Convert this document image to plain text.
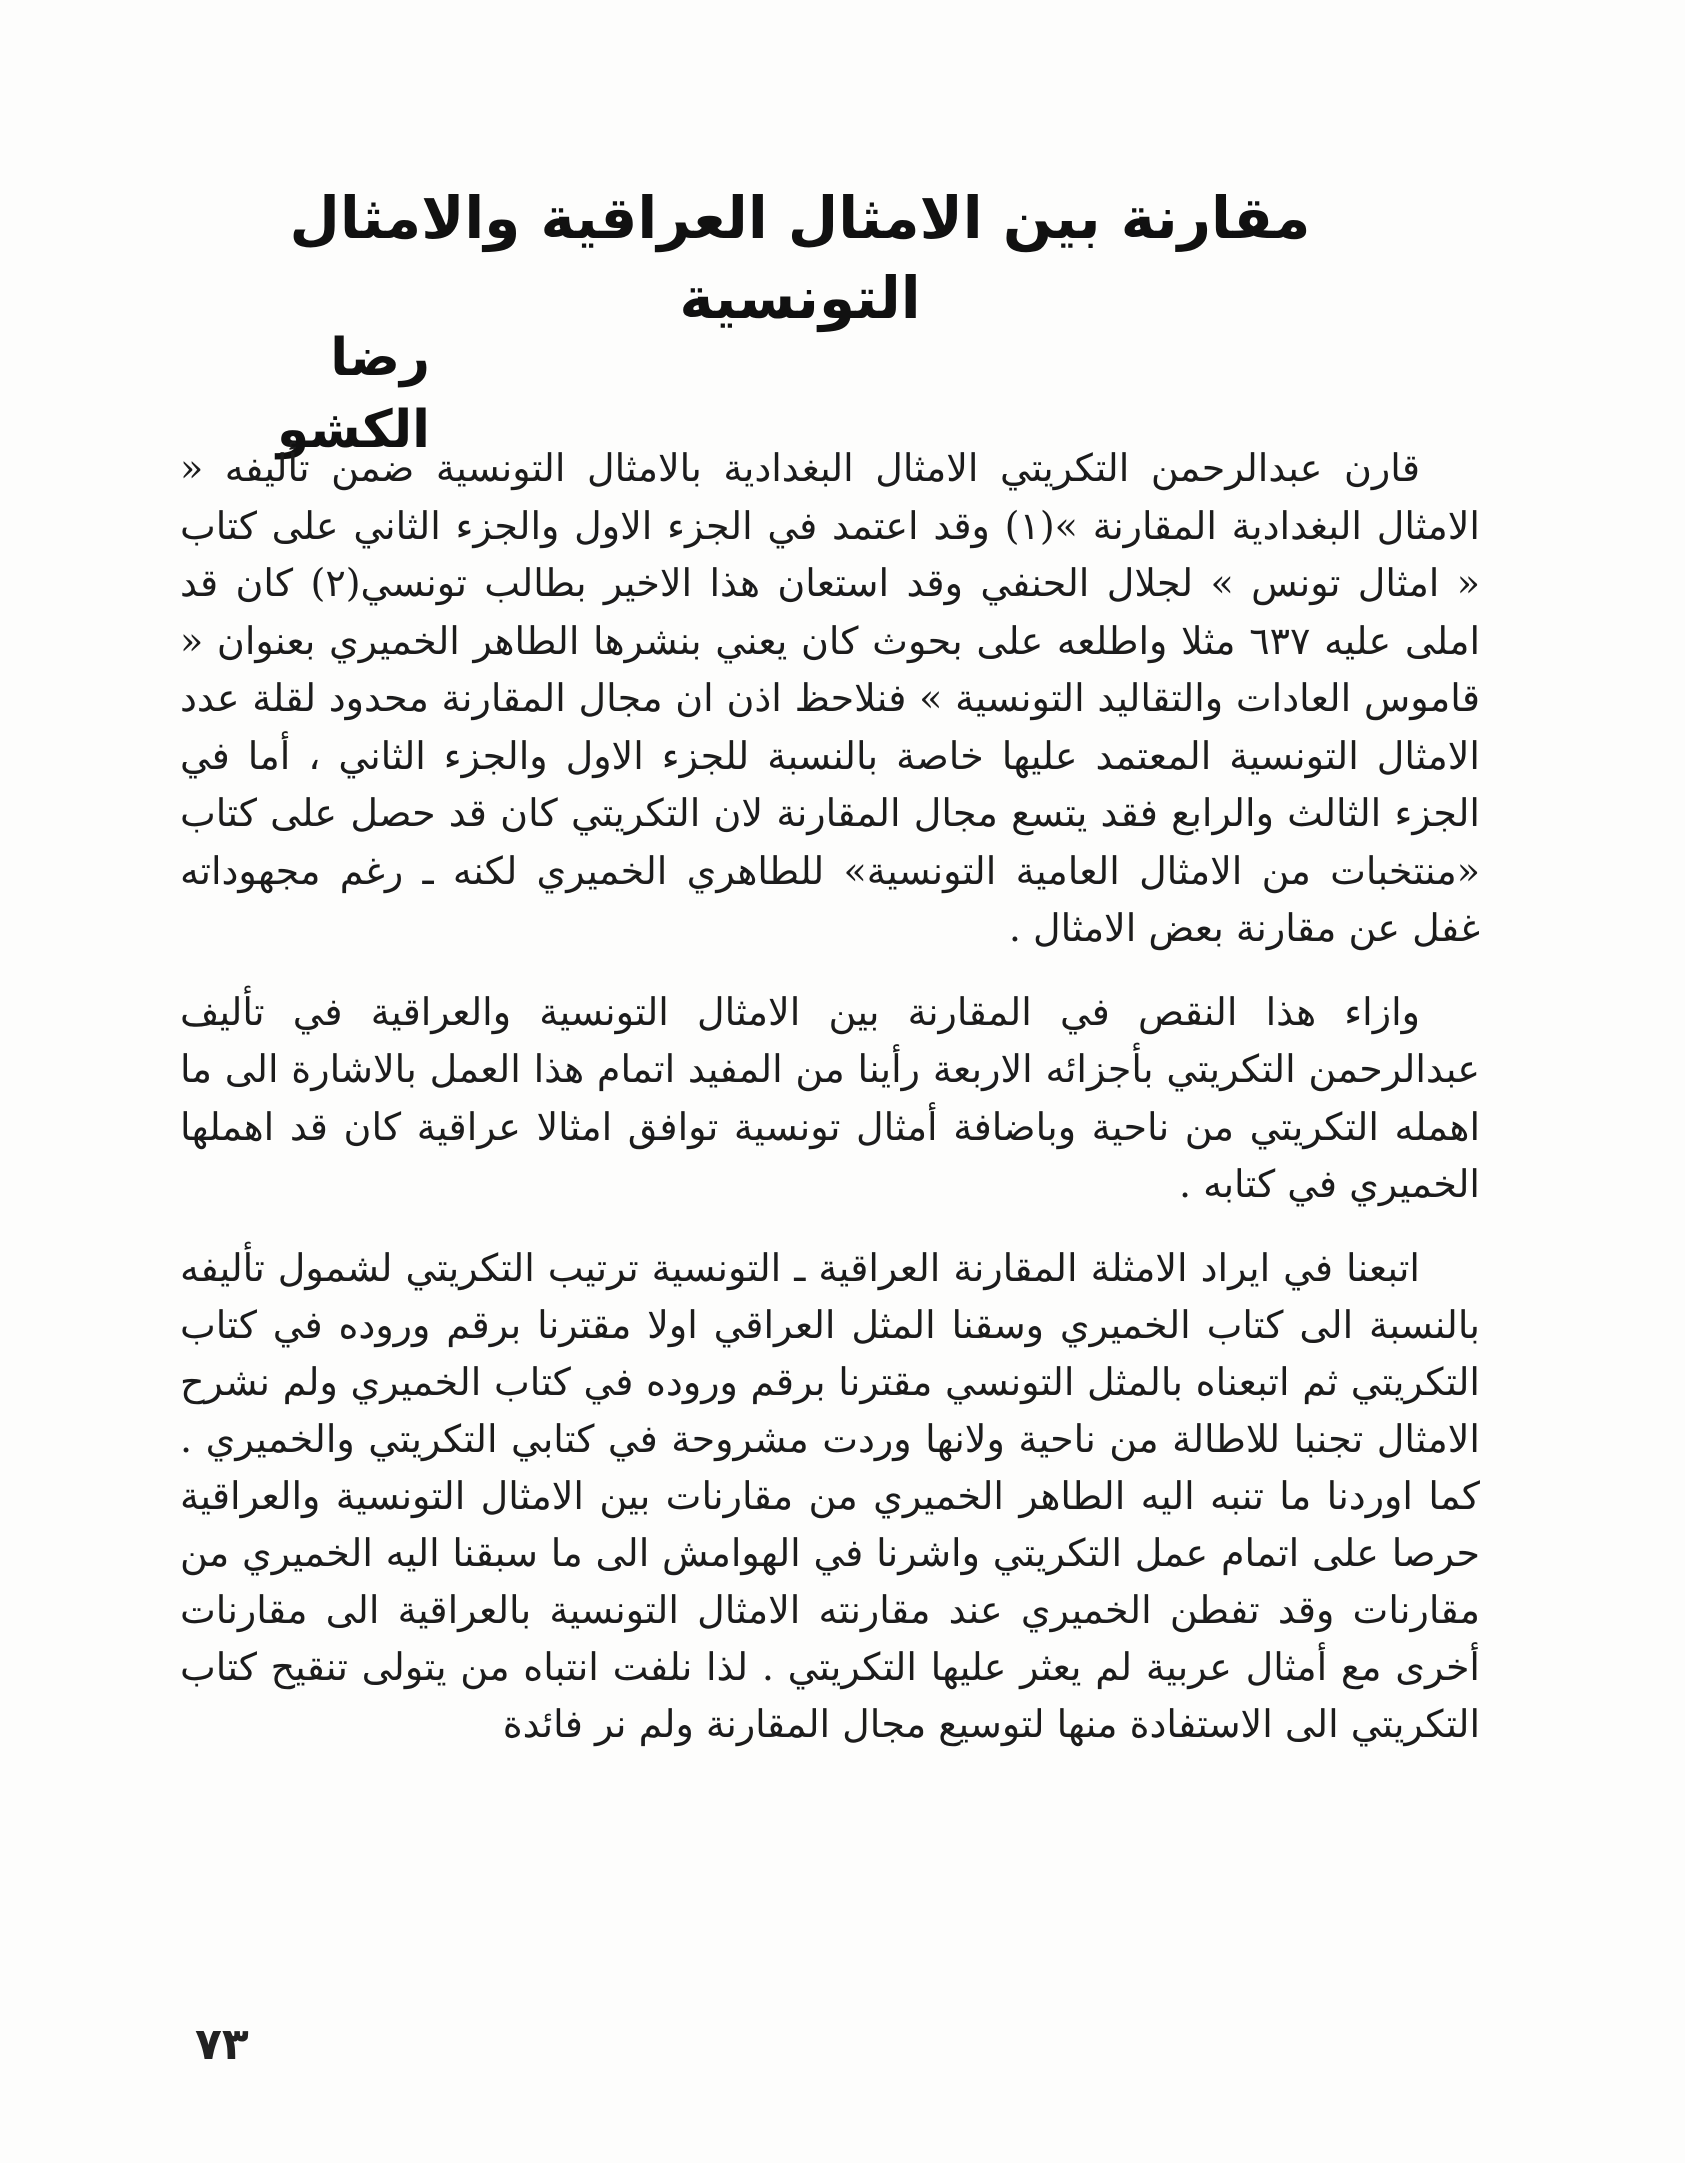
مقارنة بين الامثال العراقية والامثال التونسية
رضا الكشو

قارن عبدالرحمن التكريتي الامثال البغدادية بالامثال التونسية ضمن تأليفه « الامثال البغدادية المقارنة »(١) وقد اعتمد في الجزء الاول والجزء الثاني على كتاب « امثال تونس » لجلال الحنفي وقد استعان هذا الاخير بطالب تونسي(٢) كان قد املى عليه ٦٣٧ مثلا واطلعه على بحوث كان يعني بنشرها الطاهر الخميري بعنوان « قاموس العادات والتقاليد التونسية » فنلاحظ اذن ان مجال المقارنة محدود لقلة عدد الامثال التونسية المعتمد عليها خاصة بالنسبة للجزء الاول والجزء الثاني ، أما في الجزء الثالث والرابع فقد يتسع مجال المقارنة لان التكريتي كان قد حصل على كتاب «منتخبات من الامثال العامية التونسية» للطاهري الخميري لكنه ـ رغم مجهوداته غفل عن مقارنة بعض الامثال .

وازاء هذا النقص في المقارنة بين الامثال التونسية والعراقية في تأليف عبدالرحمن التكريتي بأجزائه الاربعة رأينا من المفيد اتمام هذا العمل بالاشارة الى ما اهمله التكريتي من ناحية وباضافة أمثال تونسية توافق امثالا عراقية كان قد اهملها الخميري في كتابه .

اتبعنا في ايراد الامثلة المقارنة العراقية ـ التونسية ترتيب التكريتي لشمول تأليفه بالنسبة الى كتاب الخميري وسقنا المثل العراقي اولا مقترنا برقم وروده في كتاب التكريتي ثم اتبعناه بالمثل التونسي مقترنا برقم وروده في كتاب الخميري ولم نشرح الامثال تجنبا للاطالة من ناحية ولانها وردت مشروحة في كتابي التكريتي والخميري . كما اوردنا ما تنبه اليه الطاهر الخميري من مقارنات بين الامثال التونسية والعراقية حرصا على اتمام عمل التكريتي واشرنا في الهوامش الى ما سبقنا اليه الخميري من مقارنات وقد تفطن الخميري عند مقارنته الامثال التونسية بالعراقية الى مقارنات أخرى مع أمثال عربية لم يعثر عليها التكريتي . لذا نلفت انتباه من يتولى تنقيح كتاب التكريتي الى الاستفادة منها لتوسيع مجال المقارنة ولم نر فائدة

٧٣
